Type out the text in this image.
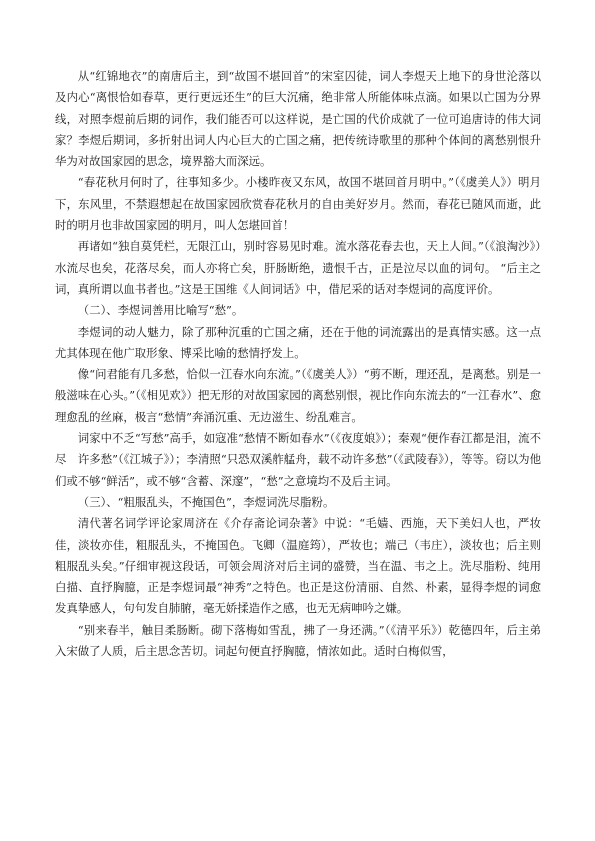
从“红锦地衣”的南唐后主，到“故国不堪回首”的宋室囚徒，词人李煜天上地下的身世沦落以及内心“离恨恰如春草，更行更远还生”的巨大沉痛，绝非常人所能体味点滴。如果以亡国为分界线，对照李煜前后期的词作，我们能否可以这样说，是亡国的代价成就了一位可追唐诗的伟大词家？李煜后期词，多折射出词人内心巨大的亡国之痛，把传统诗歌里的那种个体间的离愁别恨升华为对故国家园的思念，境界豁大而深远。

“春花秋月何时了，往事知多少。小楼昨夜又东风，故国不堪回首月明中。”（《虞美人》）明月下，东风里，不禁遐想起在故国家园欣赏春花秋月的自由美好岁月。然而，春花已随风而逝，此时的明月也非故国家园的明月，叫人怎堪回首！

再诸如“独自莫凭栏，无限江山，别时容易见时难。流水落花春去也，天上人间。”（《浪淘沙》）水流尽也矣，花落尽矣，而人亦将亡矣，肝肠断绝，遗恨千古，正是泣尽以血的词句。 “后主之词，真所谓以血书者也。”这是王国维《人间词话》中，借尼采的话对李煜词的高度评价。

（二）、李煜词善用比喻写“愁”。

李煜词的动人魅力，除了那种沉重的亡国之痛，还在于他的词流露出的是真情实感。这一点尤其体现在他广取形象、博采比喻的愁情抒发上。

像“问君能有几多愁，恰似一江春水向东流。”（《虞美人》）“剪不断，理还乱，是离愁。别是一般滋味在心头。”（《相见欢》）把无形的对故国家园的离愁别恨，视比作向东流去的“一江春水”、愈理愈乱的丝麻，极言“愁情”奔涌沉重、无边滋生、纷乱难言。

词家中不乏“写愁”高手，如寇准“愁情不断如春水”（《夜度娘》）；秦观“便作春江都是泪，流不尽　许多愁”（《江城子》）；李清照“只恐双溪舴艋舟，载不动许多愁”（《武陵春》），等等。窃以为他们或不够“鲜活”，或不够“含蓄、深邃”，“愁”之意境均不及后主词。

（三）、“粗服乱头，不掩国色”，李煜词洗尽脂粉。

清代著名词学评论家周济在《介存斋论词杂著》中说：“毛嫱、西施，天下美妇人也，严妆佳，淡妆亦佳，粗服乱头，不掩国色。飞卿（温庭筠），严妆也；端己（韦庄），淡妆也；后主则粗服乱头矣。”仔细审视这段话，可领会周济对后主词的盛赞，当在温、韦之上。洗尽脂粉、纯用白描、直抒胸臆，正是李煜词最“神秀”之特色。也正是这份清丽、自然、朴素，显得李煜的词愈发真挚感人，句句发自肺腑，毫无娇揉造作之感，也无无病呻吟之嫌。

“别来春半，触目柔肠断。砌下落梅如雪乱，拂了一身还满。”（《清平乐》）乾德四年，后主弟入宋做了人质，后主思念苦切。词起句便直抒胸臆，情浓如此。适时白梅似雪，
